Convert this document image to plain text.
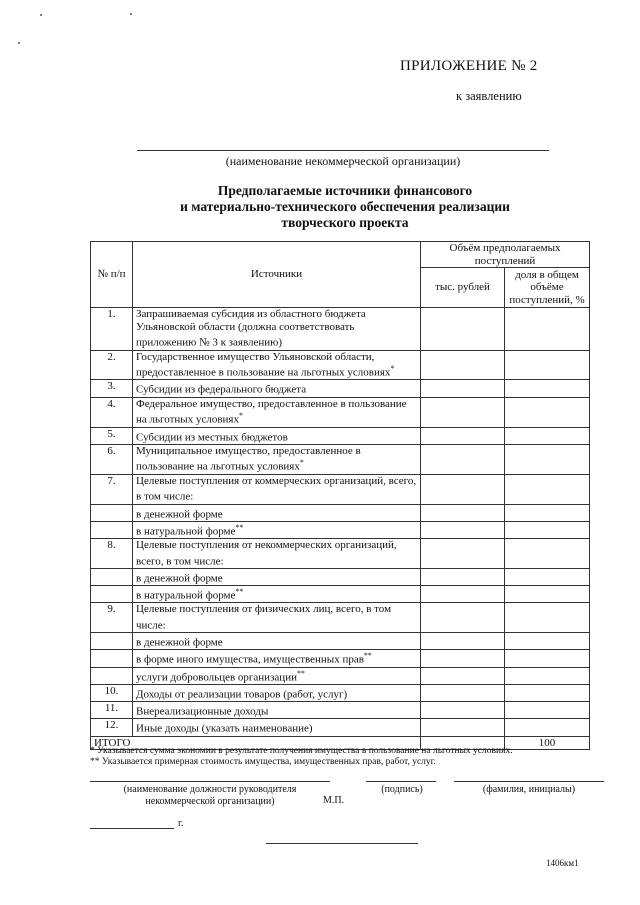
ПРИЛОЖЕНИЕ № 2
к заявлению
(наименование некоммерческой организации)
Предполагаемые источники финансового
и материально-технического обеспечения реализации
творческого проекта
№ п/п	Источники	Объём предполагаемых поступлений	
		тыс. рублей	доля в общем объёме поступлений, %
1.	Запрашиваемая субсидия из областного бюджета Ульяновской области (должна соответствовать приложению № 3 к заявлению)		
2.	Государственное имущество Ульяновской области, предоставленное в пользование на льготных условиях*		
3.	Субсидии из федерального бюджета		
4.	Федеральное имущество, предоставленное в пользование на льготных условиях*		
5.	Субсидии из местных бюджетов		
6.	Муниципальное имущество, предоставленное в пользование на льготных условиях*		
7.	Целевые поступления от коммерческих организаций, всего, в том числе:		
	в денежной форме		
	в натуральной форме**		
8.	Целевые поступления от некоммерческих организаций, всего, в том числе:		
	в денежной форме		
	в натуральной форме**		
9.	Целевые поступления от физических лиц, всего, в том числе:		
	в денежной форме		
	в форме иного имущества, имущественных прав**		
	услуги добровольцев организации**		
10.	Доходы от реализации товаров (работ, услуг)		
11.	Внереализационные доходы		
12.	Иные доходы (указать наименование)		
ИТОГО			100
* Указывается сумма экономии в результате получения имущества в пользование на льготных условиях.
** Указывается примерная стоимость имущества, имущественных прав, работ, услуг.
(наименование должности руководителя некоммерческой организации)
(подпись)	(фамилия, инициалы)
М.П.
г.
1406км1
